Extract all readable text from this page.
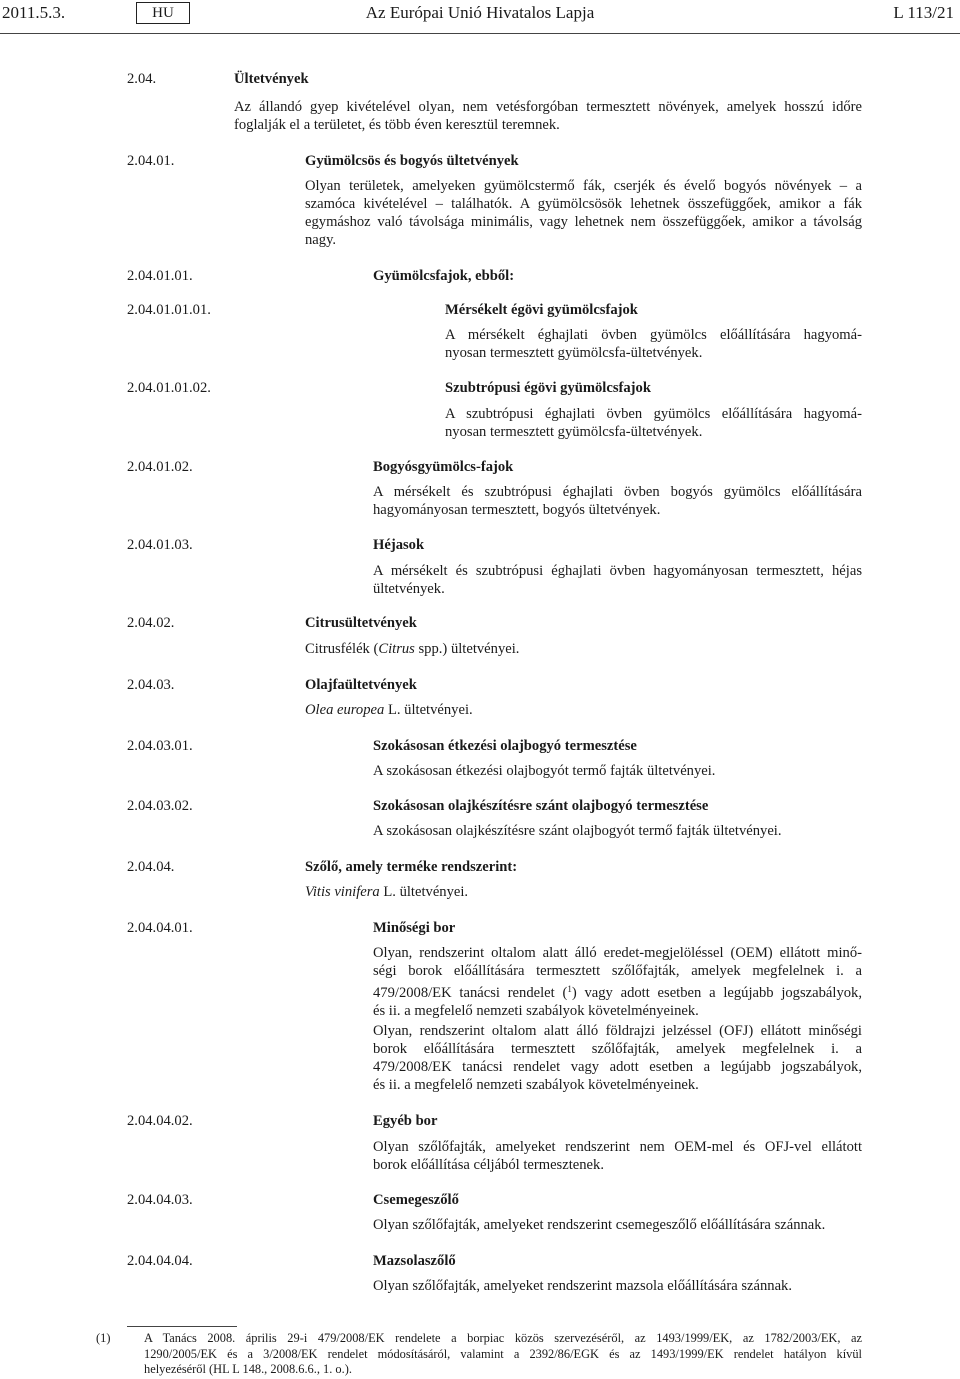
2011.5.3.	HU	Az Európai Unió Hivatalos Lapja	L 113/21
2.04.	Ültetvények
Az állandó gyep kivételével olyan, nem vetésforgóban termesztett növények, amelyek hosszú időre
foglalják el a területet, és több éven keresztül teremnek.
2.04.01.	Gyümölcsös és bogyós ültetvények
Olyan területek, amelyeken gyümölcstermő fák, cserjék és évelő bogyós növények – a
szamóca kivételével – találhatók. A gyümölcsösök lehetnek összefüggőek, amikor a fák
egymáshoz való távolsága minimális, vagy lehetnek nem összefüggőek, amikor a távolság
nagy.
2.04.01.01.	Gyümölcsfajok, ebből:
2.04.01.01.01.	Mérsékelt égövi gyümölcsfajok
A mérsékelt éghajlati övben gyümölcs előállítására hagyomá-
nyosan termesztett gyümölcsfa-ültetvények.
2.04.01.01.02.	Szubtrópusi égövi gyümölcsfajok
A szubtrópusi éghajlati övben gyümölcs előállítására hagyomá-
nyosan termesztett gyümölcsfa-ültetvények.
2.04.01.02.	Bogyósgyümölcs-fajok
A mérsékelt és szubtrópusi éghajlati övben bogyós gyümölcs előállítására
hagyományosan termesztett, bogyós ültetvények.
2.04.01.03.	Héjasok
A mérsékelt és szubtrópusi éghajlati övben hagyományosan termesztett, héjas
ültetvények.
2.04.02.	Citrusültetvények
Citrusfélék (Citrus spp.) ültetvényei.
2.04.03.	Olajfaültetvények
Olea europea L. ültetvényei.
2.04.03.01.	Szokásosan étkezési olajbogyó termesztése
A szokásosan étkezési olajbogyót termő fajták ültetvényei.
2.04.03.02.	Szokásosan olajkészítésre szánt olajbogyó termesztése
A szokásosan olajkészítésre szánt olajbogyót termő fajták ültetvényei.
2.04.04.	Szőlő, amely terméke rendszerint:
Vitis vinifera L. ültetvényei.
2.04.04.01.	Minőségi bor
Olyan, rendszerint oltalom alatt álló eredet-megjelöléssel (OEM) ellátott minő-
ségi borok előállítására termesztett szőlőfajták, amelyek megfelelnek i. a
479/2008/EK tanácsi rendelet ($^1$) vagy adott esetben a legújabb jogszabályok,
és ii. a megfelelő nemzeti szabályok követelményeinek.
Olyan, rendszerint oltalom alatt álló földrajzi jelzéssel (OFJ) ellátott minőségi
borok előállítására termesztett szőlőfajták, amelyek megfelelnek i. a
479/2008/EK tanácsi rendelet vagy adott esetben a legújabb jogszabályok,
és ii. a megfelelő nemzeti szabályok követelményeinek.
2.04.04.02.	Egyéb bor
Olyan szőlőfajták, amelyeket rendszerint nem OEM-mel és OFJ-vel ellátott
borok előállítása céljából termesztenek.
2.04.04.03.	Csemegeszőlő
Olyan szőlőfajták, amelyeket rendszerint csemegeszőlő előállítására szánnak.
2.04.04.04.	Mazsolaszőlő
Olyan szőlőfajták, amelyeket rendszerint mazsola előállítására szánnak.
(1)	A Tanács 2008. április 29-i 479/2008/EK rendelete a borpiac közös szervezéséről, az 1493/1999/EK, az 1782/2003/EK, az
1290/2005/EK és a 3/2008/EK rendelet módosításáról, valamint a 2392/86/EGK és az 1493/1999/EK rendelet hatályon kívül
helyezéséről (HL L 148., 2008.6.6., 1. o.).
